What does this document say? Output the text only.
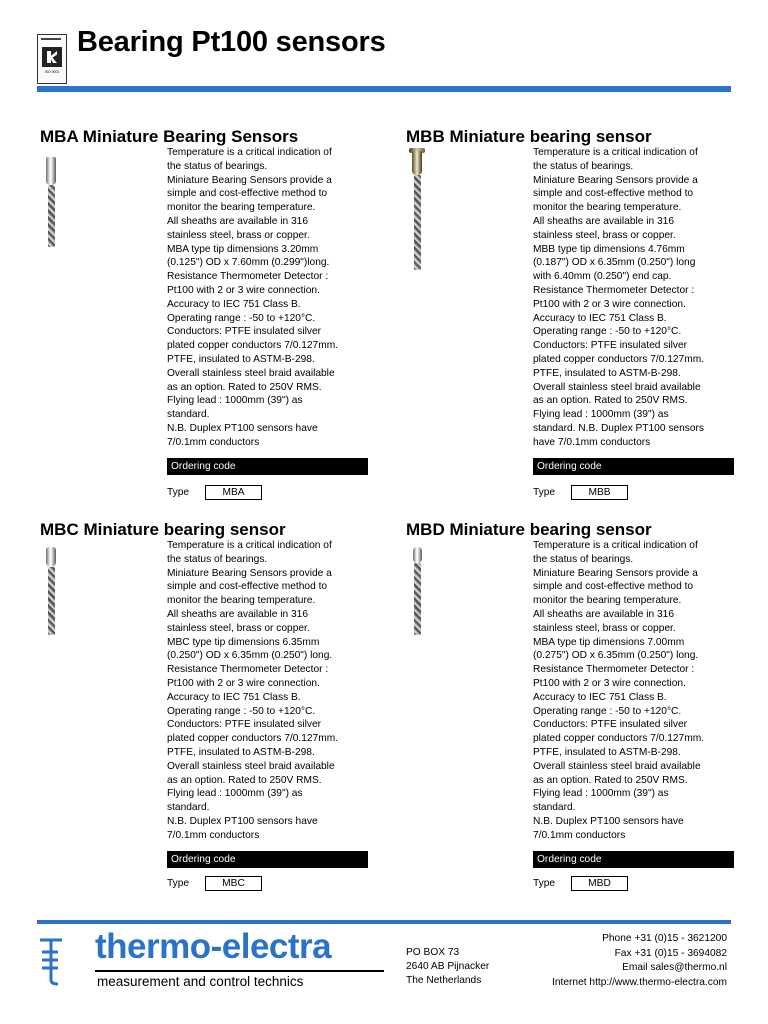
ISO 9001
Bearing Pt100 sensors
MBA Miniature Bearing Sensors
Temperature is a critical indication of
the status of bearings.
Miniature Bearing Sensors provide a
simple and cost-effective method to
monitor the bearing temperature.
All sheaths are available in 316
stainless steel, brass or copper.
MBA type tip dimensions 3.20mm
(0.125") OD x 7.60mm (0.299")long.
Resistance Thermometer Detector :
Pt100 with 2 or 3 wire connection.
Accuracy to IEC 751 Class B.
Operating range : -50 to +120°C.
Conductors: PTFE insulated silver
plated copper conductors 7/0.127mm.
PTFE, insulated to ASTM-B-298.
Overall stainless steel braid available
as an option. Rated to 250V RMS.
Flying lead : 1000mm (39") as
standard.
N.B. Duplex PT100 sensors have
7/0.1mm conductors
Ordering code
Type	MBA
MBB Miniature bearing sensor
Temperature is a critical indication of
the status of bearings.
Miniature Bearing Sensors provide a
simple and cost-effective method to
monitor the bearing temperature.
All sheaths are available in 316
stainless steel, brass or copper.
MBB type tip dimensions 4.76mm
(0.187") OD x 6.35mm (0.250") long
with 6.40mm (0.250") end cap.
Resistance Thermometer Detector :
Pt100 with 2 or 3 wire connection.
Accuracy to IEC 751 Class B.
Operating range : -50 to +120°C.
Conductors: PTFE insulated silver
plated copper conductors 7/0.127mm.
PTFE, insulated to ASTM-B-298.
Overall stainless steel braid available
as an option. Rated to 250V RMS.
Flying lead : 1000mm (39") as
standard. N.B. Duplex PT100 sensors
have 7/0.1mm conductors
Ordering code
Type	MBB
MBC Miniature bearing sensor
Temperature is a critical indication of
the status of bearings.
Miniature Bearing Sensors provide a
simple and cost-effective method to
monitor the bearing temperature.
All sheaths are available in 316
stainless steel, brass or copper.
MBC type tip dimensions 6.35mm
(0.250") OD x 6.35mm (0.250") long.
Resistance Thermometer Detector :
Pt100 with 2 or 3 wire connection.
Accuracy to IEC 751 Class B.
Operating range : -50 to +120°C.
Conductors: PTFE insulated silver
plated copper conductors 7/0.127mm.
PTFE, insulated to ASTM-B-298.
Overall stainless steel braid available
as an option. Rated to 250V RMS.
Flying lead : 1000mm (39") as
standard.
N.B. Duplex PT100 sensors have
7/0.1mm conductors
Ordering code
Type	MBC
MBD Miniature bearing sensor
Temperature is a critical indication of
the status of bearings.
Miniature Bearing Sensors provide a
simple and cost-effective method to
monitor the bearing temperature.
All sheaths are available in 316
stainless steel, brass or copper.
MBA type tip dimensions 7.00mm
(0.275") OD x 6.35mm (0.250") long.
Resistance Thermometer Detector :
Pt100 with 2 or 3 wire connection.
Accuracy to IEC 751 Class B.
Operating range : -50 to +120°C.
Conductors: PTFE insulated silver
plated copper conductors 7/0.127mm.
PTFE, insulated to ASTM-B-298.
Overall stainless steel braid available
as an option. Rated to 250V RMS.
Flying lead : 1000mm (39") as
standard.
N.B. Duplex PT100 sensors have
7/0.1mm conductors
Ordering code
Type	MBD
thermo-electra
measurement and control technics
PO BOX 73
2640 AB Pijnacker
The Netherlands
Phone +31 (0)15 - 3621200
Fax +31 (0)15 - 3694082
Email sales@thermo.nl
Internet http://www.thermo-electra.com
